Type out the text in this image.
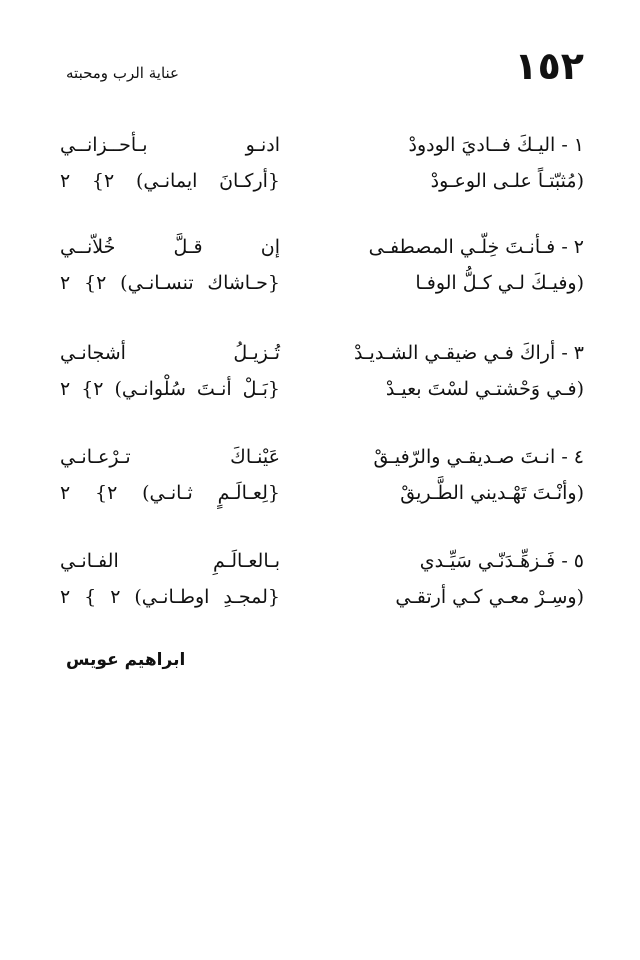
١٥٢
عناية الرب ومحبته
١ - اليـكَ فــاديَ الودودْ
ادنـو بـأحــزانــي
(مُثبّتـاً علـى الوعـودْ
{أركـانَ ايمانـي) ٢} ٢
٢ - فـأنـتَ خِلّـي المصطفـى
إن قـلَّ خُلاّنــي
(وفيـكَ لـي كـلُّ الوفـا
{حـاشاك تنسـانـي) ٢} ٢
٣ - أراكَ فـي ضيقـي الشـديـدْ
تُـزيـلُ أشجانـي
(فـي وَحْشتـي لسْتَ بعيـدْ
{بَـلْ أنـتَ سُلْوانـي) ٢} ٢
٤ - انـتَ صـديقـي والرّفيـقْ
عَيْنـاكَ تـرْعـانـي
(وأنْـتَ تَهْـديني الطَّـريقْ
{لِعـالَـمٍ ثـانـي) ٢} ٢
٥ - فَـزهِّـدَنّـي سَيِّـدي
بـالعـالَـمِ الفـانـي
(وسِـرْ معـي كـي أرتقـي
{لمجـدِ اوطـانـي) ٢ } ٢
ابراهيم عويس
